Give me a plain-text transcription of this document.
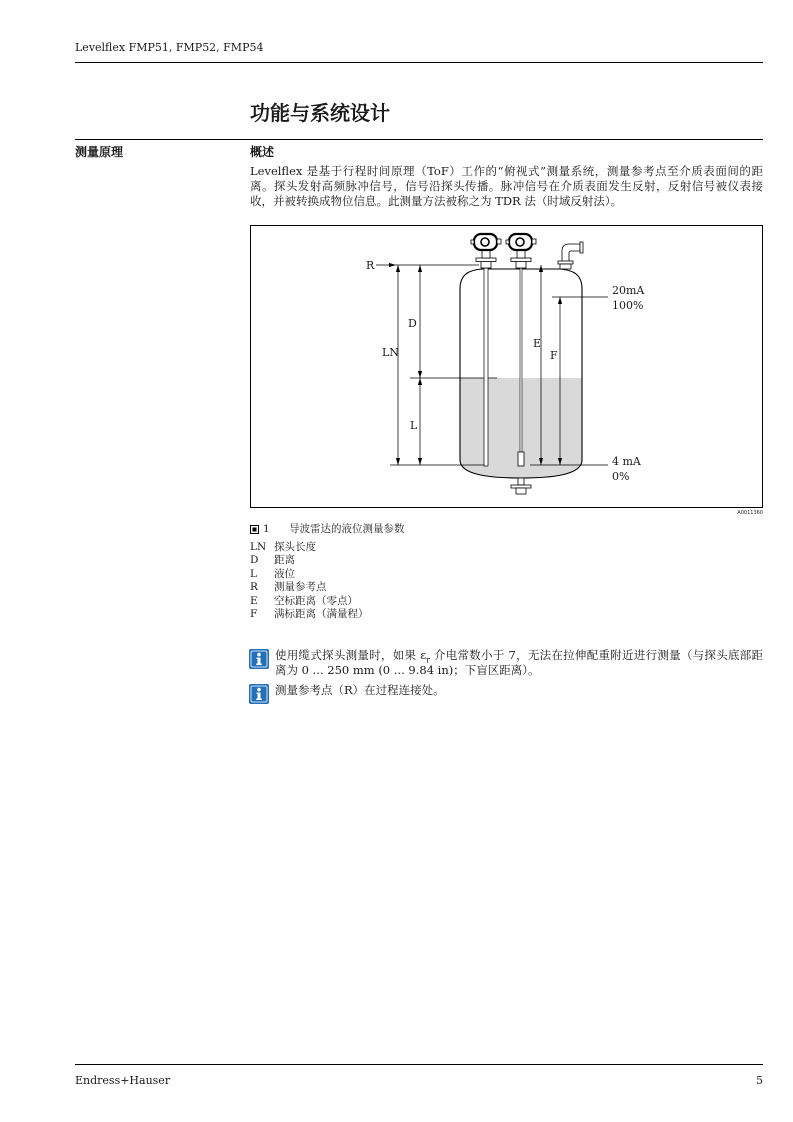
Levelflex FMP51, FMP52, FMP54
功能与系统设计
测量原理	概述
Levelflex 是基于行程时间原理（ToF）工作的“俯视式”测量系统，测量参考点至介质表面间的距离。探头发射高频脉冲信号，信号沿探头传播。脉冲信号在介质表面发生反射，反射信号被仪表接收，并被转换成物位信息。此测量方法被称之为 TDR 法（时域反射法）。
R
LN
D
L
E
F
20mA
100%
4 mA
0%
A0011360
1 导波雷达的液位测量参数
LN 探头长度
D 距离
L 液位
R 测量参考点
E 空标距离（零点）
F 满标距离（满量程）
使用缆式探头测量时，如果 $\varepsilon_r$ 介电常数小于 7，无法在拉伸配重附近进行测量（与探头底部距离为 0 ... 250 mm (0 ... 9.84 in)；下盲区距离）。
测量参考点（R）在过程连接处。
Endress+Hauser	5
